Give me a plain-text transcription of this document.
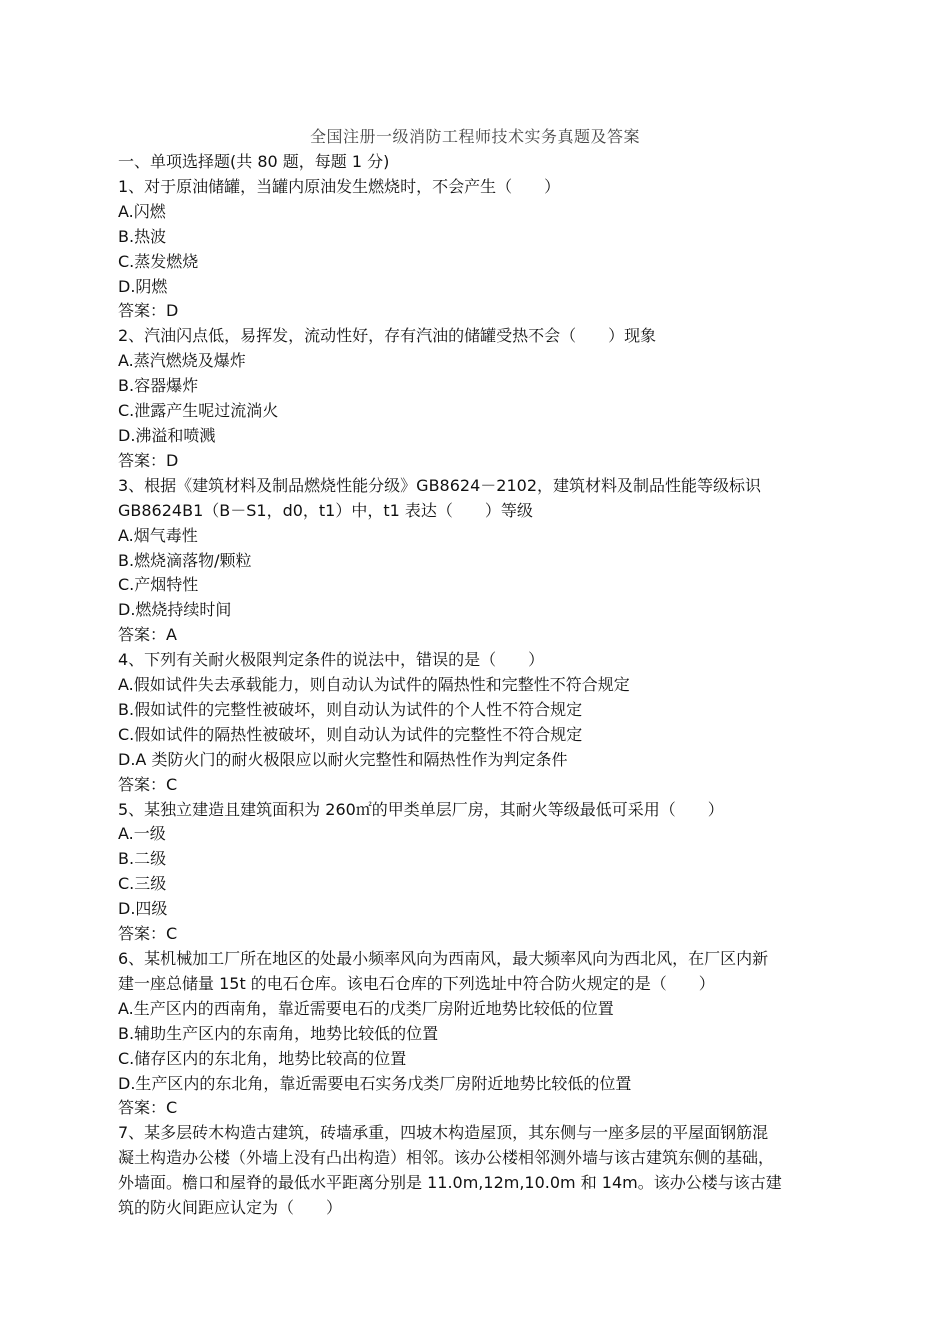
全国注册一级消防工程师技术实务真题及答案
一、单项选择题(共 80 题，每题 1 分)
1、对于原油储罐，当罐内原油发生燃烧时，不会产生（　　）
A.闪燃
B.热波
C.蒸发燃烧
D.阴燃
答案：D
2、汽油闪点低，易挥发，流动性好，存有汽油的储罐受热不会（　　）现象
A.蒸汽燃烧及爆炸
B.容器爆炸
C.泄露产生呢过流淌火
D.沸溢和喷溅
答案：D
3、根据《建筑材料及制品燃烧性能分级》GB8624－2102，建筑材料及制品性能等级标识
GB8624B1（B－S1，d0，t1）中，t1 表达（　　）等级
A.烟气毒性
B.燃烧滴落物/颗粒
C.产烟特性
D.燃烧持续时间
答案：A
4、下列有关耐火极限判定条件的说法中，错误的是（　　）
A.假如试件失去承载能力，则自动认为试件的隔热性和完整性不符合规定
B.假如试件的完整性被破坏，则自动认为试件的个人性不符合规定
C.假如试件的隔热性被破坏，则自动认为试件的完整性不符合规定
D.A 类防火门的耐火极限应以耐火完整性和隔热性作为判定条件
答案：C
5、某独立建造且建筑面积为 260㎡的甲类单层厂房，其耐火等级最低可采用（　　）
A.一级
B.二级
C.三级
D.四级
答案：C
6、某机械加工厂所在地区的处最小频率风向为西南风，最大频率风向为西北风，在厂区内新
建一座总储量 15t 的电石仓库。该电石仓库的下列选址中符合防火规定的是（　　）
A.生产区内的西南角，靠近需要电石的戊类厂房附近地势比较低的位置
B.辅助生产区内的东南角，地势比较低的位置
C.储存区内的东北角，地势比较高的位置
D.生产区内的东北角，靠近需要电石实务戊类厂房附近地势比较低的位置
答案：C
7、某多层砖木构造古建筑，砖墙承重，四坡木构造屋顶，其东侧与一座多层的平屋面钢筋混
凝土构造办公楼（外墙上没有凸出构造）相邻。该办公楼相邻测外墙与该古建筑东侧的基础，
外墙面。檐口和屋脊的最低水平距离分别是 11.0m,12m,10.0m 和 14m。该办公楼与该古建
筑的防火间距应认定为（　　）
